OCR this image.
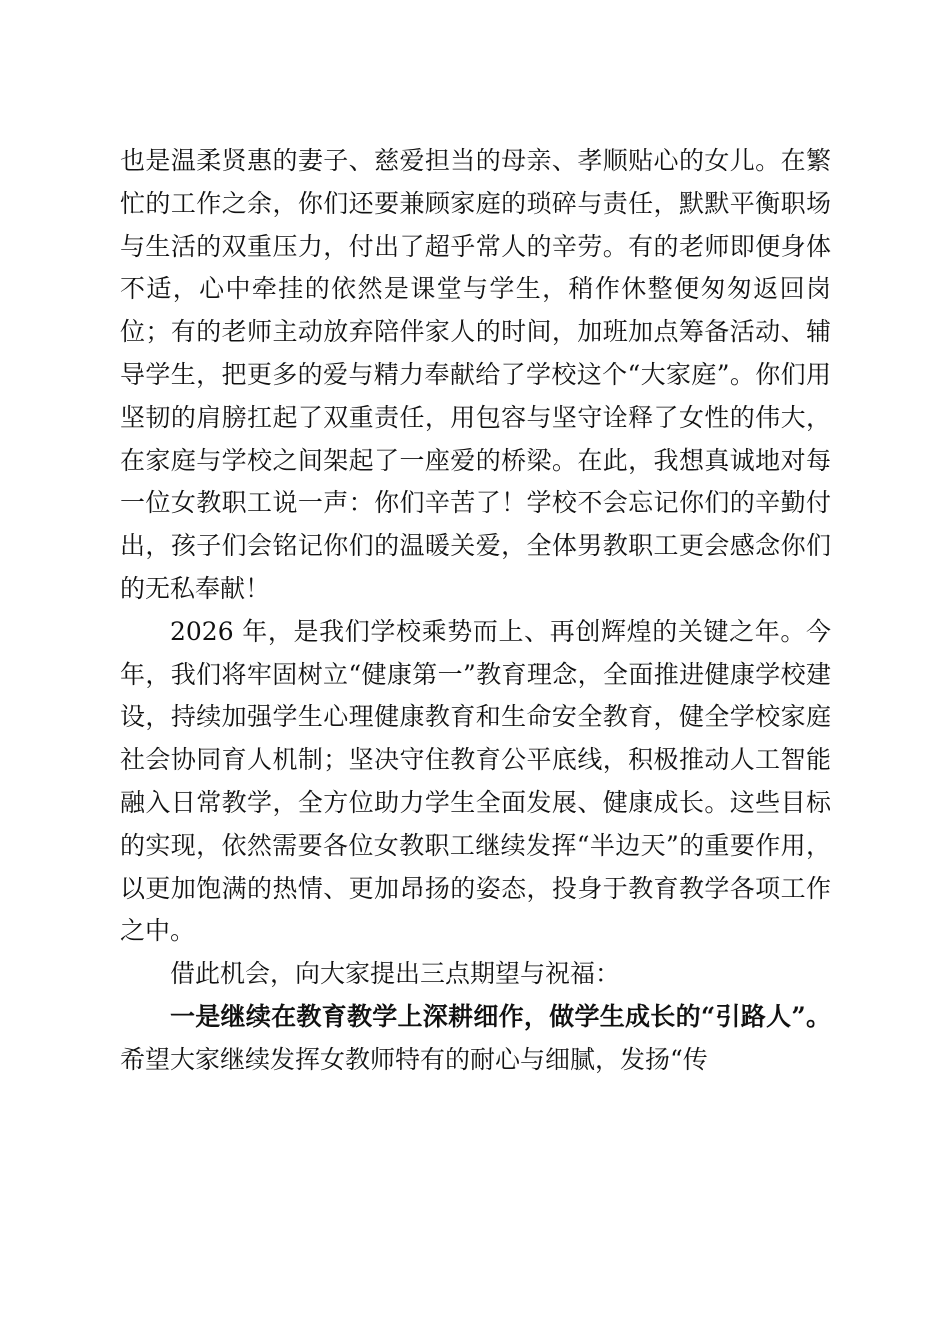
也是温柔贤惠的妻子、慈爱担当的母亲、孝顺贴心的女儿。在繁忙的工作之余，你们还要兼顾家庭的琐碎与责任，默默平衡职场与生活的双重压力，付出了超乎常人的辛劳。有的老师即便身体不适，心中牵挂的依然是课堂与学生，稍作休整便匆匆返回岗位；有的老师主动放弃陪伴家人的时间，加班加点筹备活动、辅导学生，把更多的爱与精力奉献给了学校这个“大家庭”。你们用坚韧的肩膀扛起了双重责任，用包容与坚守诠释了女性的伟大，在家庭与学校之间架起了一座爱的桥梁。在此，我想真诚地对每一位女教职工说一声：你们辛苦了！学校不会忘记你们的辛勤付出，孩子们会铭记你们的温暖关爱，全体男教职工更会感念你们的无私奉献！

2026 年，是我们学校乘势而上、再创辉煌的关键之年。今年，我们将牢固树立“健康第一”教育理念，全面推进健康学校建设，持续加强学生心理健康教育和生命安全教育，健全学校家庭社会协同育人机制；坚决守住教育公平底线，积极推动人工智能融入日常教学，全方位助力学生全面发展、健康成长。这些目标的实现，依然需要各位女教职工继续发挥“半边天”的重要作用，以更加饱满的热情、更加昂扬的姿态，投身于教育教学各项工作之中。

借此机会，向大家提出三点期望与祝福：

一是继续在教育教学上深耕细作，做学生成长的“引路人”。希望大家继续发挥女教师特有的耐心与细腻，发扬“传
